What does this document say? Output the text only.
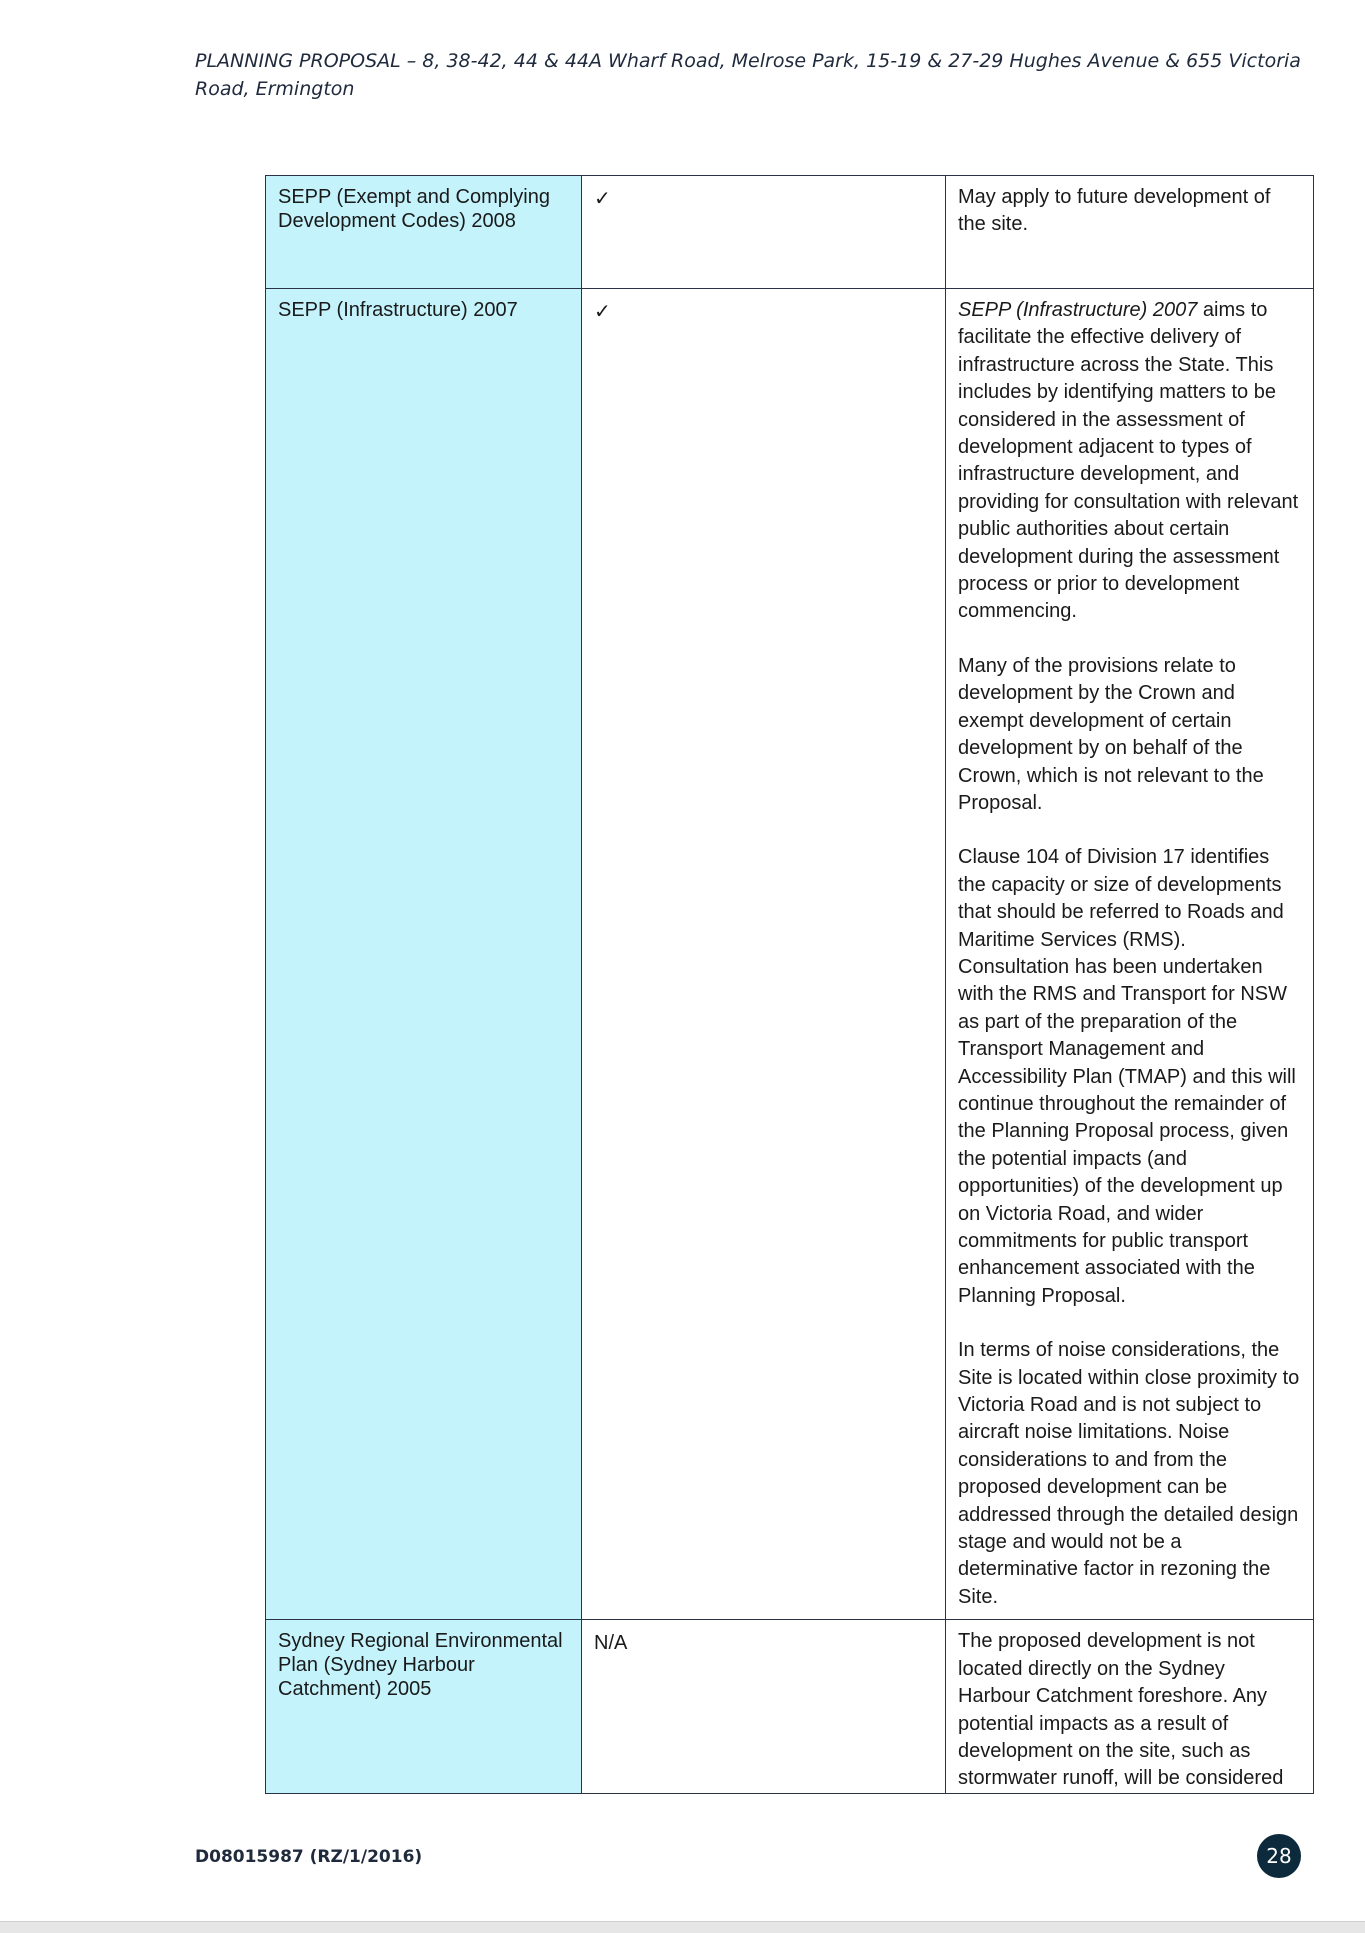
PLANNING PROPOSAL – 8, 38-42, 44 & 44A Wharf Road, Melrose Park, 15-19 & 27-29 Hughes Avenue & 655 Victoria Road, Ermington
SEPP (Exempt and Complying Development Codes) 2008	✓	May apply to future development of the site.

SEPP (Infrastructure) 2007	✓	SEPP (Infrastructure) 2007 aims to facilitate the effective delivery of infrastructure across the State. This includes by identifying matters to be considered in the assessment of development adjacent to types of infrastructure development, and providing for consultation with relevant public authorities about certain development during the assessment process or prior to development commencing.
Many of the provisions relate to development by the Crown and exempt development of certain development by on behalf of the Crown, which is not relevant to the Proposal.
Clause 104 of Division 17 identifies the capacity or size of developments that should be referred to Roads and Maritime Services (RMS). Consultation has been undertaken with the RMS and Transport for NSW as part of the preparation of the Transport Management and Accessibility Plan (TMAP) and this will continue throughout the remainder of the Planning Proposal process, given the potential impacts (and opportunities) of the development up on Victoria Road, and wider commitments for public transport enhancement associated with the Planning Proposal.
In terms of noise considerations, the Site is located within close proximity to Victoria Road and is not subject to aircraft noise limitations. Noise considerations to and from the proposed development can be addressed through the detailed design stage and would not be a determinative factor in rezoning the Site.

Sydney Regional Environmental Plan (Sydney Harbour Catchment) 2005	N/A	The proposed development is not located directly on the Sydney Harbour Catchment foreshore. Any potential impacts as a result of development on the site, such as stormwater runoff, will be considered
D08015987 (RZ/1/2016)	28
